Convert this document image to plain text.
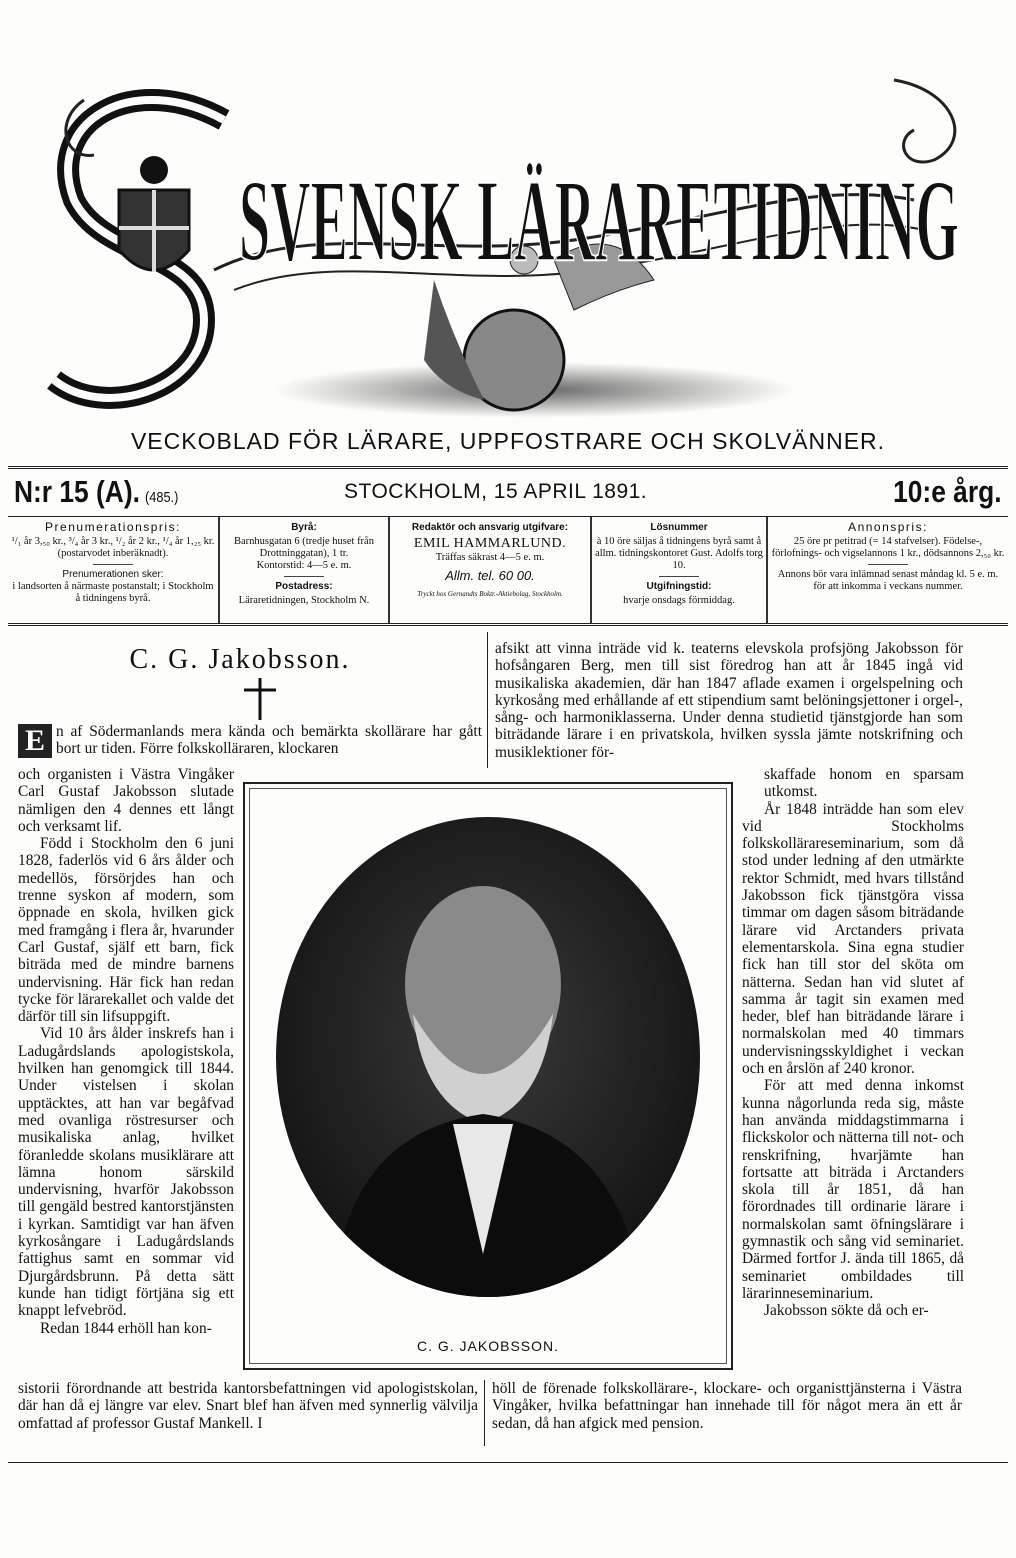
SVENSK LÄRARETIDNING
SVENSK LÄRARETIDNING
VECKOBLAD FÖR LÄRARE, UPPFOSTRARE OCH SKOLVÄNNER.
N:r 15 (A). (485.)	STOCKHOLM, 15 APRIL 1891.	10:e årg.
Prenumerationspris:
¹/₁ år 3,₅₀ kr., ³/₄ år 3 kr., ¹/₂ år 2 kr., ¹/₄ år 1,₂₅ kr. (postarvodet inberäknadt).
Prenumerationen sker:
i landsorten å närmaste postanstalt; i Stockholm å tidningens byrå.
Byrå:
Barnhusgatan 6 (tredje huset från Drottninggatan), 1 tr.
Kontorstid: 4—5 e. m.
Postadress:
Läraretidningen, Stockholm N.
Redaktör och ansvarig utgifvare:
EMIL HAMMARLUND.
Träffas säkrast 4—5 e. m.
Allm. tel. 60 00.
Tryckt hos Gernandts Boktr.-Aktiebolag, Stockholm.
Lösnummer
à 10 öre säljas å tidningens byrå samt å allm. tidningskontoret Gust. Adolfs torg 10.
Utgifningstid:
hvarje onsdags förmiddag.
Annonspris:
25 öre pr petitrad (= 14 stafvelser). Födelse-, förlofnings- och vigselannons 1 kr., dödsannons 2,₅₀ kr.
Annons bör vara inlämnad senast måndag kl. 5 e. m. för att inkomma i veckans nummer.
C. G. Jakobsson.
E n af Södermanlands mera kända och bemärkta skollärare har gått bort ur tiden. Förre folkskolläraren, klockaren

afsikt att vinna inträde vid k. teaterns elevskola profsjöng Jakobsson för hofsångaren Berg, men till sist föredrog han att år 1845 ingå vid musikaliska akademien, där han 1847 aflade examen i orgelspelning och kyrkosång med erhållande af ett stipendium samt belöningsjettoner i orgel-, sång- och harmoniklasserna. Under denna studietid tjänstgjorde han som biträdande lärare i en privatskola, hvilken syssla jämte notskrifning och musiklektioner för-

och organisten i Västra Vingåker Carl Gustaf Jakobsson slutade nämligen den 4 dennes ett långt och verksamt lif.

Född i Stockholm den 6 juni 1828, faderlös vid 6 års ålder och medellös, försörjdes han och trenne syskon af modern, som öppnade en skola, hvilken gick med framgång i flera år, hvarunder Carl Gustaf, själf ett barn, fick biträda med de mindre barnens undervisning. Här fick han redan tycke för lärarekallet och valde det därför till sin lifsuppgift.

Vid 10 års ålder inskrefs han i Ladugårdslands apologistskola, hvilken han genomgick till 1844. Under vistelsen i skolan upptäcktes, att han var begåfvad med ovanliga röstresurser och musikaliska anlag, hvilket föranledde skolans musiklärare att lämna honom särskild undervisning, hvarför Jakobsson till gengäld bestred kantorstjänsten i kyrkan. Samtidigt var han äfven kyrkosångare i Ladugårdslands fattighus samt en sommar vid Djurgårdsbrunn. På detta sätt kunde han tidigt förtjäna sig ett knappt lefvebröd.

Redan 1844 erhöll han kon-

C. G. JAKOBSSON.

skaffade honom en sparsam utkomst.

År 1848 inträdde han som elev vid Stockholms folkskollärareseminarium, som då stod under ledning af den utmärkte rektor Schmidt, med hvars tillstånd Jakobsson fick tjänstgöra vissa timmar om dagen såsom biträdande lärare vid Arctanders privata elementarskola. Sina egna studier fick han till stor del sköta om nätterna. Sedan han vid slutet af samma år tagit sin examen med heder, blef han biträdande lärare i normalskolan med 40 timmars undervisningsskyldighet i veckan och en årslön af 240 kronor.

För att med denna inkomst kunna någorlunda reda sig, måste han använda middagstimmarna i flickskolor och nätterna till not- och renskrifning, hvarjämte han fortsatte att biträda i Arctanders skola till år 1851, då han förordnades till ordinarie lärare i normalskolan samt öfningslärare i gymnastik och sång vid seminariet. Därmed fortfor J. ända till 1865, då seminariet ombildades till lärarinneseminarium.

Jakobsson sökte då och er-

sistorii förordnande att bestrida kantorsbefattningen vid apologistskolan, där han då ej längre var elev. Snart blef han äfven med synnerlig välvilja omfattad af professor Gustaf Mankell. I

höll de förenade folkskollärare-, klockare- och organisttjänsterna i Västra Vingåker, hvilka befattningar han innehade till för något mera än ett år sedan, då han afgick med pension.
